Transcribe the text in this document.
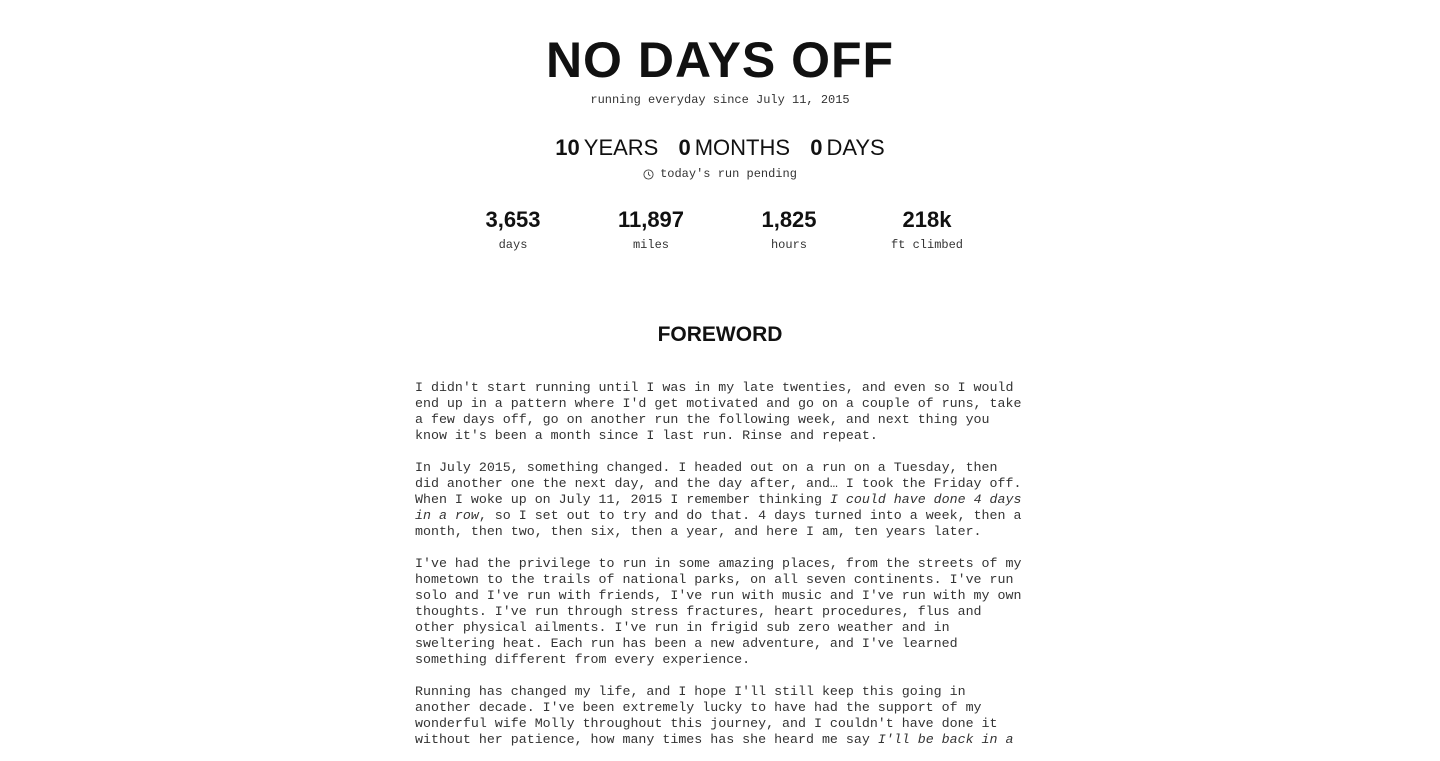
NO DAYS OFF
running everyday since July 11, 2015
10 YEARS 0 MONTHS 0 DAYS
today's run pending
3,653
days
11,897
miles
1,825
hours
218k
ft climbed
FOREWORD

I didn't start running until I was in my late twenties, and even so I would end up in a pattern where I'd get motivated and go on a couple of runs, take a few days off, go on another run the following week, and next thing you know it's been a month since I last run. Rinse and repeat.

In July 2015, something changed. I headed out on a run on a Tuesday, then did another one the next day, and the day after, and… I took the Friday off. When I woke up on July 11, 2015 I remember thinking I could have done 4 days in a row, so I set out to try and do that. 4 days turned into a week, then a month, then two, then six, then a year, and here I am, ten years later.

I've had the privilege to run in some amazing places, from the streets of my hometown to the trails of national parks, on all seven continents. I've run solo and I've run with friends, I've run with music and I've run with my own thoughts. I've run through stress fractures, heart procedures, flus and other physical ailments. I've run in frigid sub zero weather and in sweltering heat. Each run has been a new adventure, and I've learned something different from every experience.

Running has changed my life, and I hope I'll still keep this going in another decade. I've been extremely lucky to have had the support of my wonderful wife Molly throughout this journey, and I couldn't have done it without her patience, how many times has she heard me say I'll be back in a
